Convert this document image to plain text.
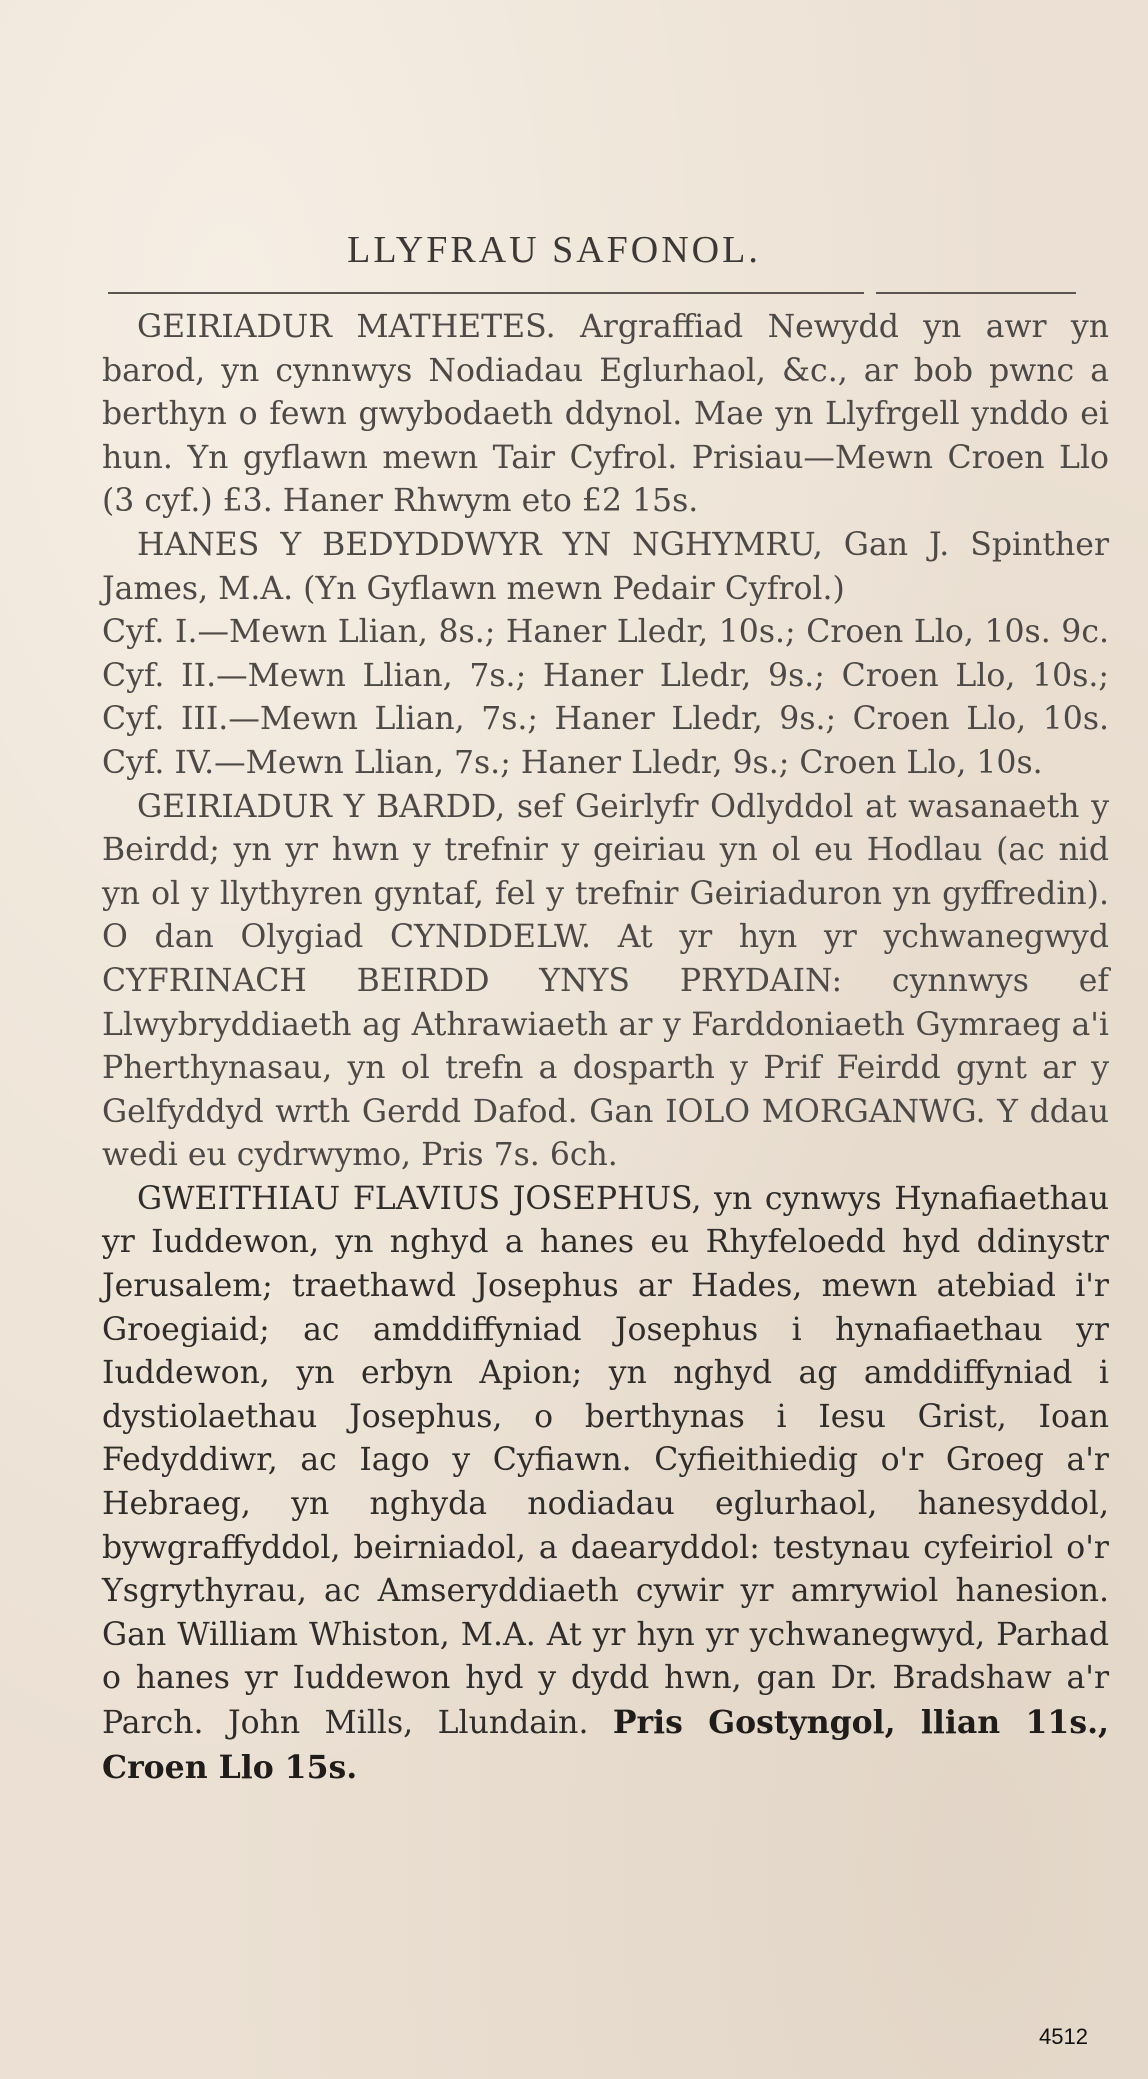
LLYFRAU SAFONOL.

GEIRIADUR MATHETES. Argraffiad Newydd yn awr yn barod, yn cynnwys Nodiadau Eglurhaol, &c., ar bob pwnc a berthyn o fewn gwybodaeth ddynol. Mae yn Llyfrgell ynddo ei hun. Yn gyflawn mewn Tair Cyfrol. Prisiau—Mewn Croen Llo (3 cyf.) £3. Haner Rhwym eto £2 15s.

HANES Y BEDYDDWYR YN NGHYMRU, Gan J. Spinther James, M.A. (Yn Gyflawn mewn Pedair Cyfrol.)

Cyf. I.—Mewn Llian, 8s.; Haner Lledr, 10s.; Croen Llo, 10s. 9c. Cyf. II.—Mewn Llian, 7s.; Haner Lledr, 9s.; Croen Llo, 10s.; Cyf. III.—Mewn Llian, 7s.; Haner Lledr, 9s.; Croen Llo, 10s. Cyf. IV.—Mewn Llian, 7s.; Haner Lledr, 9s.; Croen Llo, 10s.

GEIRIADUR Y BARDD, sef Geirlyfr Odlyddol at wasanaeth y Beirdd; yn yr hwn y trefnir y geiriau yn ol eu Hodlau (ac nid yn ol y llythyren gyntaf, fel y trefnir Geiriaduron yn gyffredin). O dan Olygiad CYNDDELW. At yr hyn yr ychwanegwyd CYFRINACH BEIRDD YNYS PRYDAIN: cynnwys ef Llwybryddiaeth ag Athrawiaeth ar y Farddoniaeth Gymraeg a'i Pherthynasau, yn ol trefn a dosparth y Prif Feirdd gynt ar y Gelfyddyd wrth Gerdd Dafod. Gan IOLO MORGANWG. Y ddau wedi eu cydrwymo, Pris 7s. 6ch.

GWEITHIAU FLAVIUS JOSEPHUS, yn cynwys Hynafiaethau yr Iuddewon, yn nghyd a hanes eu Rhyfeloedd hyd ddinystr Jerusalem; traethawd Josephus ar Hades, mewn atebiad i'r Groegiaid; ac amddiffyniad Josephus i hynafiaethau yr Iuddewon, yn erbyn Apion; yn nghyd ag amddiffyniad i dystiolaethau Josephus, o berthynas i Iesu Grist, Ioan Fedyddiwr, ac Iago y Cyfiawn. Cyfieithiedig o'r Groeg a'r Hebraeg, yn nghyda nodiadau eglurhaol, hanesyddol, bywgraffyddol, beirniadol, a daearyddol: testynau cyfeiriol o'r Ysgrythyrau, ac Amseryddiaeth cywir yr amrywiol hanesion. Gan William Whiston, M.A. At yr hyn yr ychwanegwyd, Parhad o hanes yr Iuddewon hyd y dydd hwn, gan Dr. Bradshaw a'r Parch. John Mills, Llundain. Pris Gostyngol, llian 11s., Croen Llo 15s.

4512
